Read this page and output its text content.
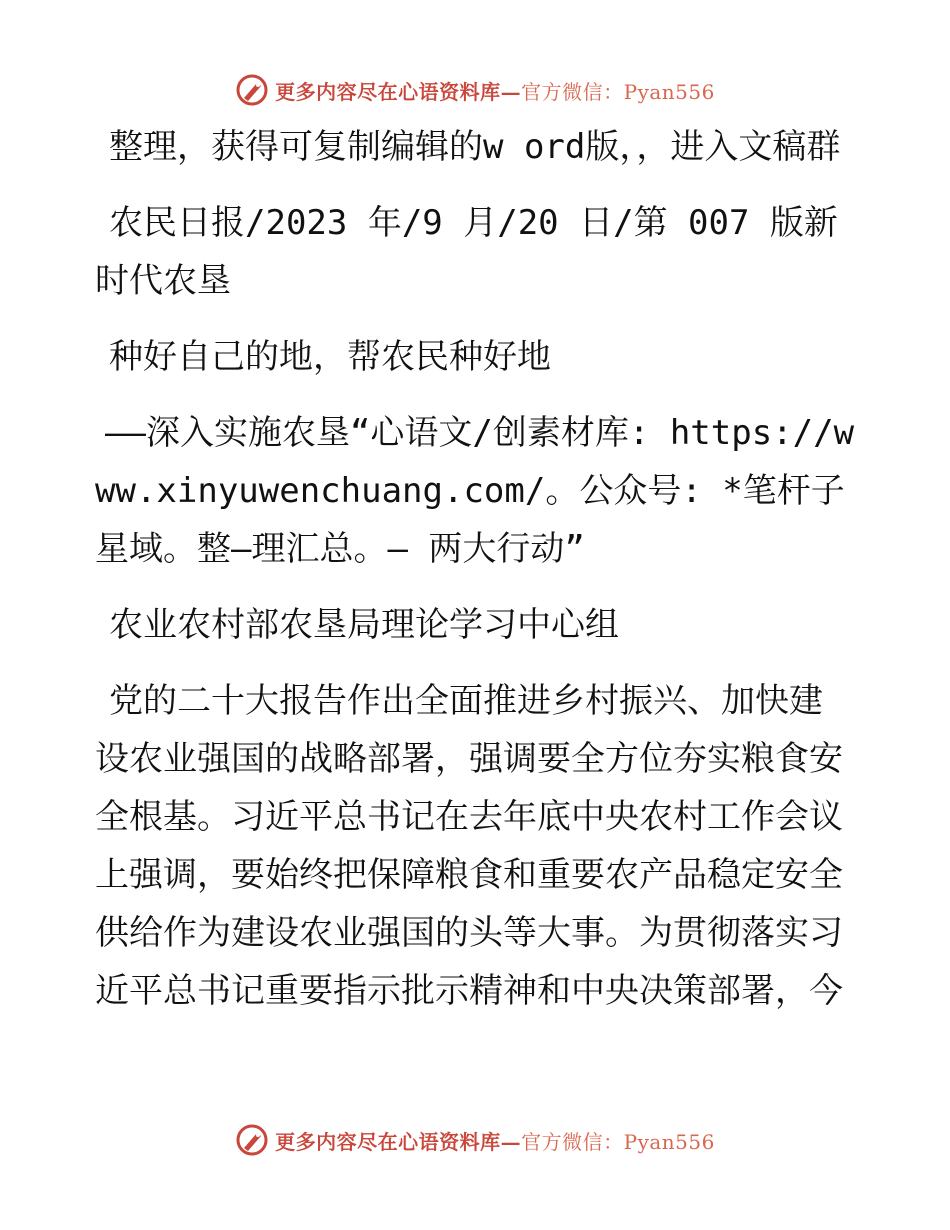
更多内容尽在心语资料库—官方微信：Pyan556

整理，获得可复制编辑的w ord版，，进入文稿群

农民日报/2023 年/9 月/20 日/第 007 版新时代农垦

种好自己的地，帮农民种好地

——深入实施农垦“心语文/创素材库: https://www.xinyuwenchuang.com/。公众号: *笔杆子星域。整—理汇总。— 两大行动”

农业农村部农垦局理论学习中心组

党的二十大报告作出全面推进乡村振兴、加快建设农业强国的战略部署，强调要全方位夯实粮食安全根基。习近平总书记在去年底中央农村工作会议上强调，要始终把保障粮食和重要农产品稳定安全供给作为建设农业强国的头等大事。为贯彻落实习近平总书记重要指示批示精神和中央决策部署，今

更多内容尽在心语资料库—官方微信：Pyan556
